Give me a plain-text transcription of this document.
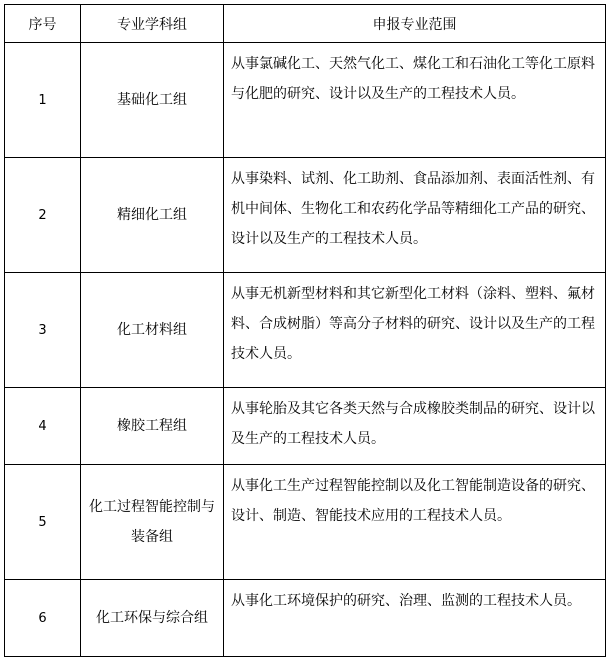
序号	专业学科组	申报专业范围
1	基础化工组	从事氯碱化工、天然气化工、煤化工和石油化工等化工原料与化肥的研究、设计以及生产的工程技术人员。
2	精细化工组	从事染料、试剂、化工助剂、食品添加剂、表面活性剂、有机中间体、生物化工和农药化学品等精细化工产品的研究、设计以及生产的工程技术人员。
3	化工材料组	从事无机新型材料和其它新型化工材料（涂料、塑料、氟材料、合成树脂）等高分子材料的研究、设计以及生产的工程技术人员。
4	橡胶工程组	从事轮胎及其它各类天然与合成橡胶类制品的研究、设计以及生产的工程技术人员。
5	化工过程智能控制与装备组	从事化工生产过程智能控制以及化工智能制造设备的研究、设计、制造、智能技术应用的工程技术人员。
6	化工环保与综合组	从事化工环境保护的研究、治理、监测的工程技术人员。
